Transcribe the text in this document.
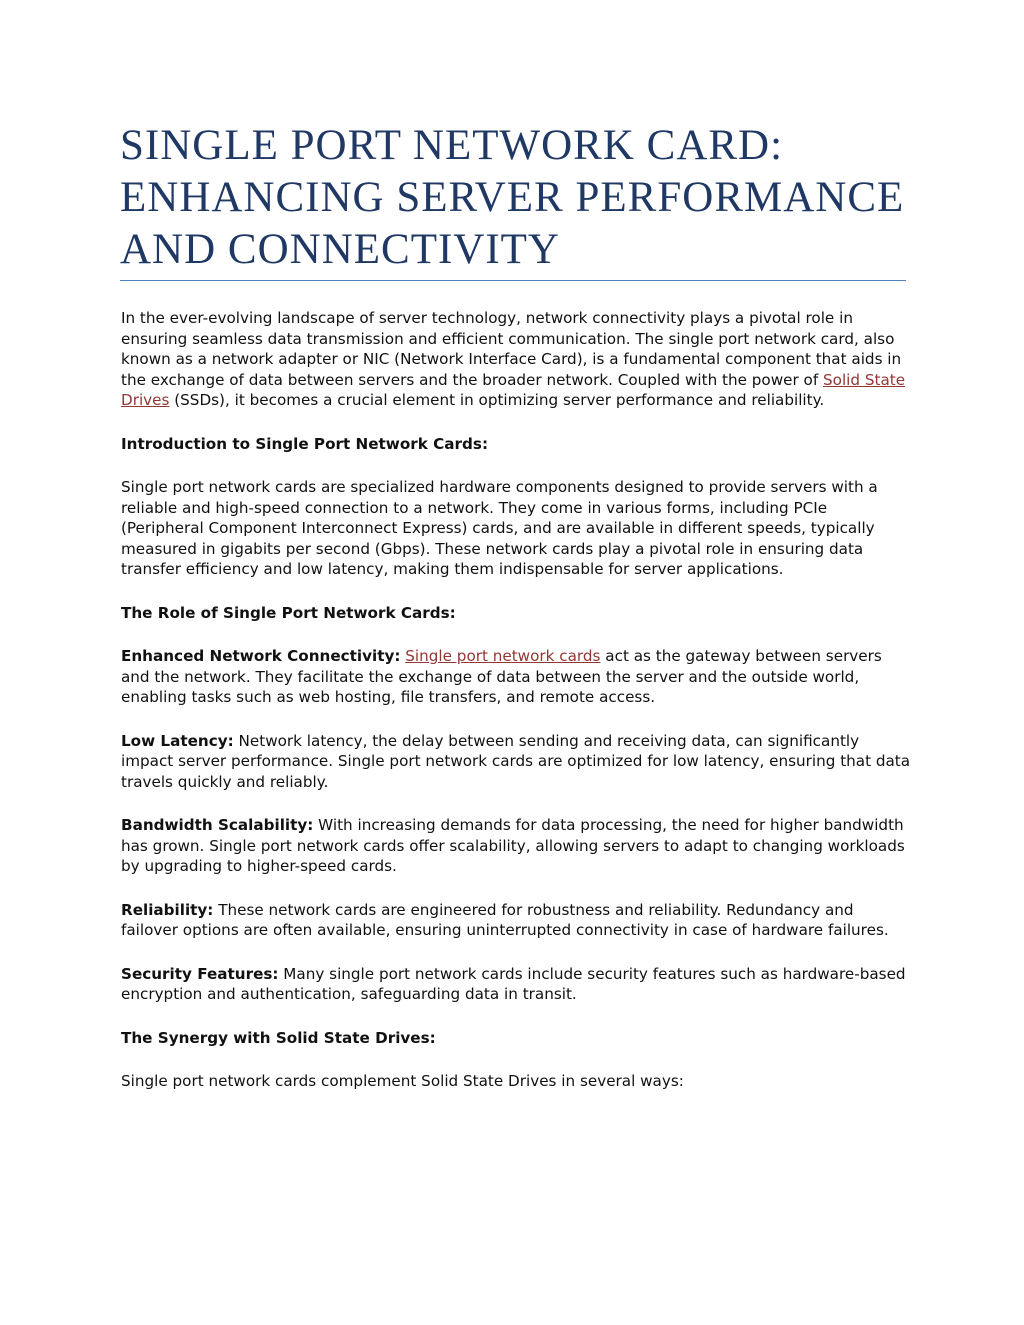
SINGLE PORT NETWORK CARD:
ENHANCING SERVER PERFORMANCE
AND CONNECTIVITY

In the ever-evolving landscape of server technology, network connectivity plays a pivotal role in ensuring seamless data transmission and efficient communication. The single port network card, also known as a network adapter or NIC (Network Interface Card), is a fundamental component that aids in the exchange of data between servers and the broader network. Coupled with the power of Solid State Drives (SSDs), it becomes a crucial element in optimizing server performance and reliability.

Introduction to Single Port Network Cards:

Single port network cards are specialized hardware components designed to provide servers with a reliable and high-speed connection to a network. They come in various forms, including PCIe (Peripheral Component Interconnect Express) cards, and are available in different speeds, typically measured in gigabits per second (Gbps). These network cards play a pivotal role in ensuring data transfer efficiency and low latency, making them indispensable for server applications.

The Role of Single Port Network Cards:

Enhanced Network Connectivity: Single port network cards act as the gateway between servers and the network. They facilitate the exchange of data between the server and the outside world, enabling tasks such as web hosting, file transfers, and remote access.

Low Latency: Network latency, the delay between sending and receiving data, can significantly impact server performance. Single port network cards are optimized for low latency, ensuring that data travels quickly and reliably.

Bandwidth Scalability: With increasing demands for data processing, the need for higher bandwidth has grown. Single port network cards offer scalability, allowing servers to adapt to changing workloads by upgrading to higher-speed cards.

Reliability: These network cards are engineered for robustness and reliability. Redundancy and failover options are often available, ensuring uninterrupted connectivity in case of hardware failures.

Security Features: Many single port network cards include security features such as hardware-based encryption and authentication, safeguarding data in transit.

The Synergy with Solid State Drives:

Single port network cards complement Solid State Drives in several ways:
